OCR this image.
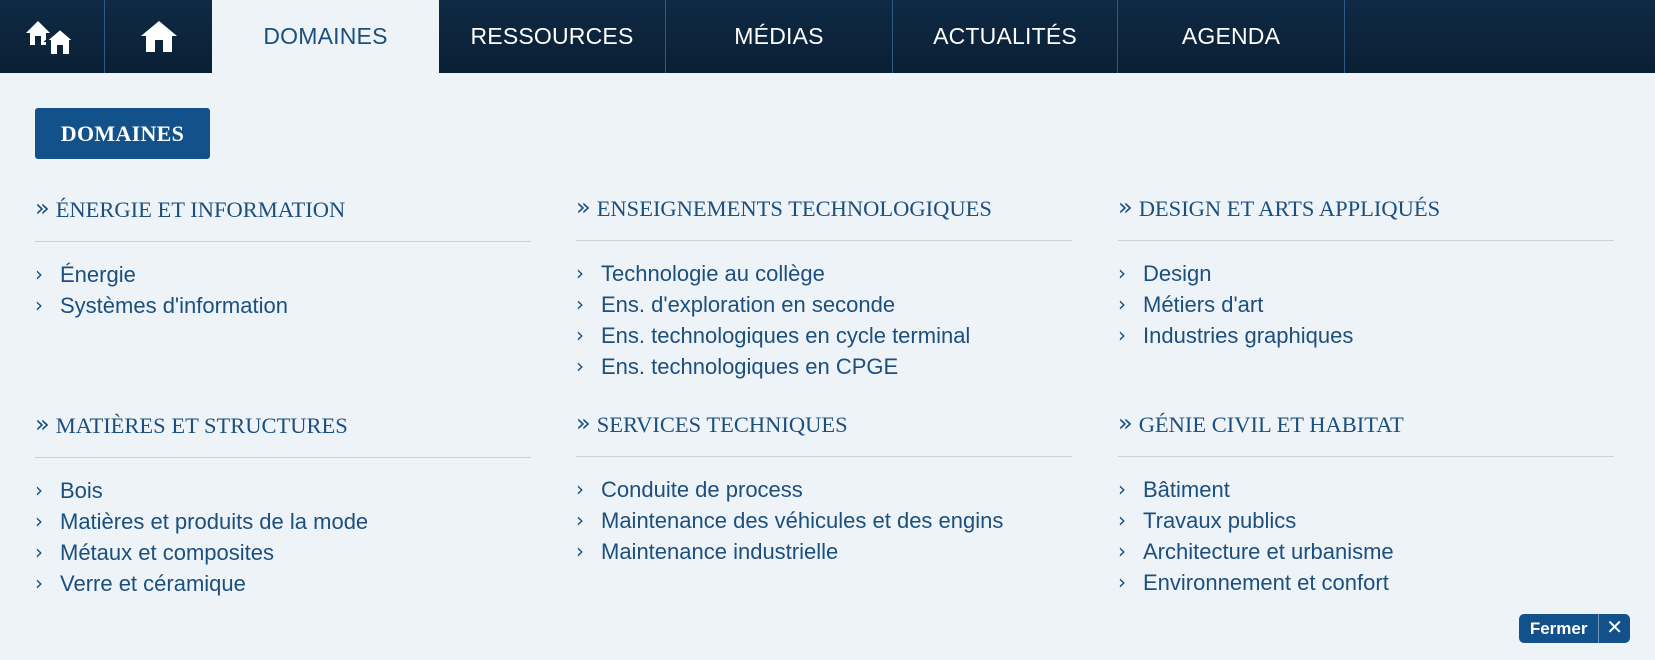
DOMAINES	RESSOURCES	MÉDIAS	ACTUALITÉS	AGENDA
DOMAINES
» ÉNERGIE ET INFORMATION
› Énergie
› Systèmes d'information
» ENSEIGNEMENTS TECHNOLOGIQUES
› Technologie au collège
› Ens. d'exploration en seconde
› Ens. technologiques en cycle terminal
› Ens. technologiques en CPGE
» DESIGN ET ARTS APPLIQUÉS
› Design
› Métiers d'art
› Industries graphiques
» MATIÈRES ET STRUCTURES
› Bois
› Matières et produits de la mode
› Métaux et composites
› Verre et céramique
» SERVICES TECHNIQUES
› Conduite de process
› Maintenance des véhicules et des engins
› Maintenance industrielle
» GÉNIE CIVIL ET HABITAT
› Bâtiment
› Travaux publics
› Architecture et urbanisme
› Environnement et confort
Fermer ✕
